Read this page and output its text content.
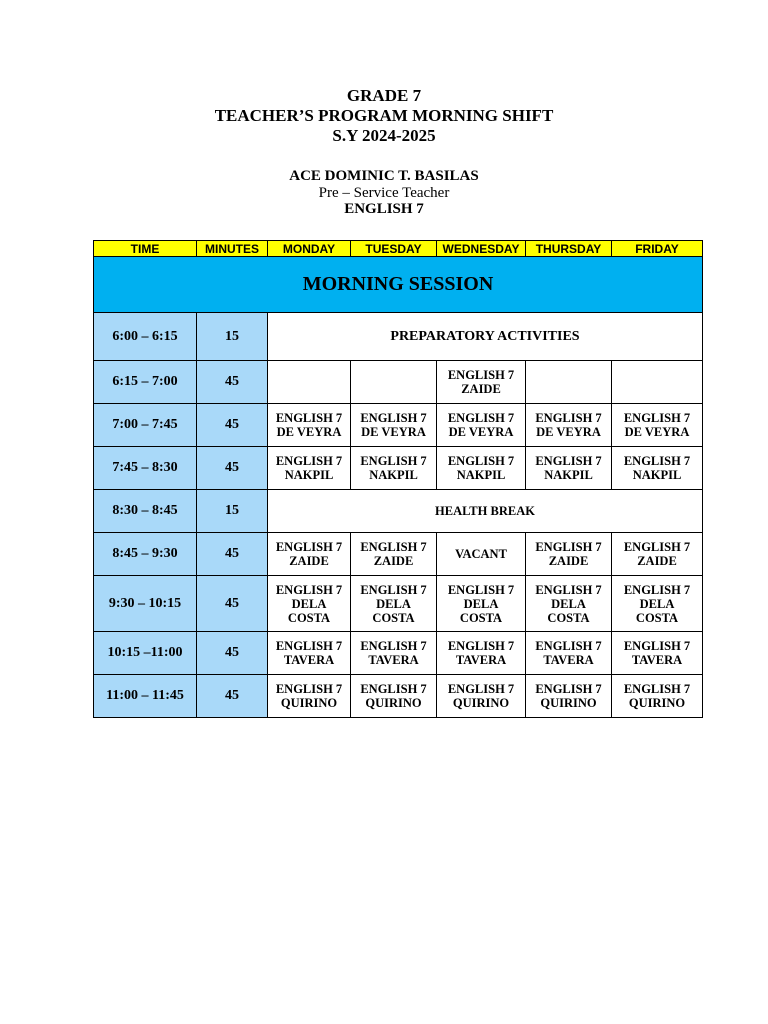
GRADE 7
TEACHER’S PROGRAM MORNING SHIFT
S.Y 2024-2025
ACE DOMINIC T. BASILAS
Pre – Service Teacher
ENGLISH 7
TIME	MINUTES	MONDAY	TUESDAY	WEDNESDAY	THURSDAY	FRIDAY
MORNING SESSION						
6:00 – 6:15	15	PREPARATORY ACTIVITIES				
6:15 – 7:00	45			ENGLISH 7
ZAIDE		
7:00 – 7:45	45	ENGLISH 7
DE VEYRA	ENGLISH 7
DE VEYRA	ENGLISH 7
DE VEYRA	ENGLISH 7
DE VEYRA	ENGLISH 7
DE VEYRA
7:45 – 8:30	45	ENGLISH 7
NAKPIL	ENGLISH 7
NAKPIL	ENGLISH 7
NAKPIL	ENGLISH 7
NAKPIL	ENGLISH 7
NAKPIL
8:30 – 8:45	15	HEALTH BREAK				
8:45 – 9:30	45	ENGLISH 7
ZAIDE	ENGLISH 7
ZAIDE	VACANT	ENGLISH 7
ZAIDE	ENGLISH 7
ZAIDE
9:30 – 10:15	45	ENGLISH 7
DELA
COSTA	ENGLISH 7
DELA
COSTA	ENGLISH 7
DELA
COSTA	ENGLISH 7
DELA
COSTA	ENGLISH 7
DELA
COSTA
10:15 –11:00	45	ENGLISH 7
TAVERA	ENGLISH 7
TAVERA	ENGLISH 7
TAVERA	ENGLISH 7
TAVERA	ENGLISH 7
TAVERA
11:00 – 11:45	45	ENGLISH 7
QUIRINO	ENGLISH 7
QUIRINO	ENGLISH 7
QUIRINO	ENGLISH 7
QUIRINO	ENGLISH 7
QUIRINO
